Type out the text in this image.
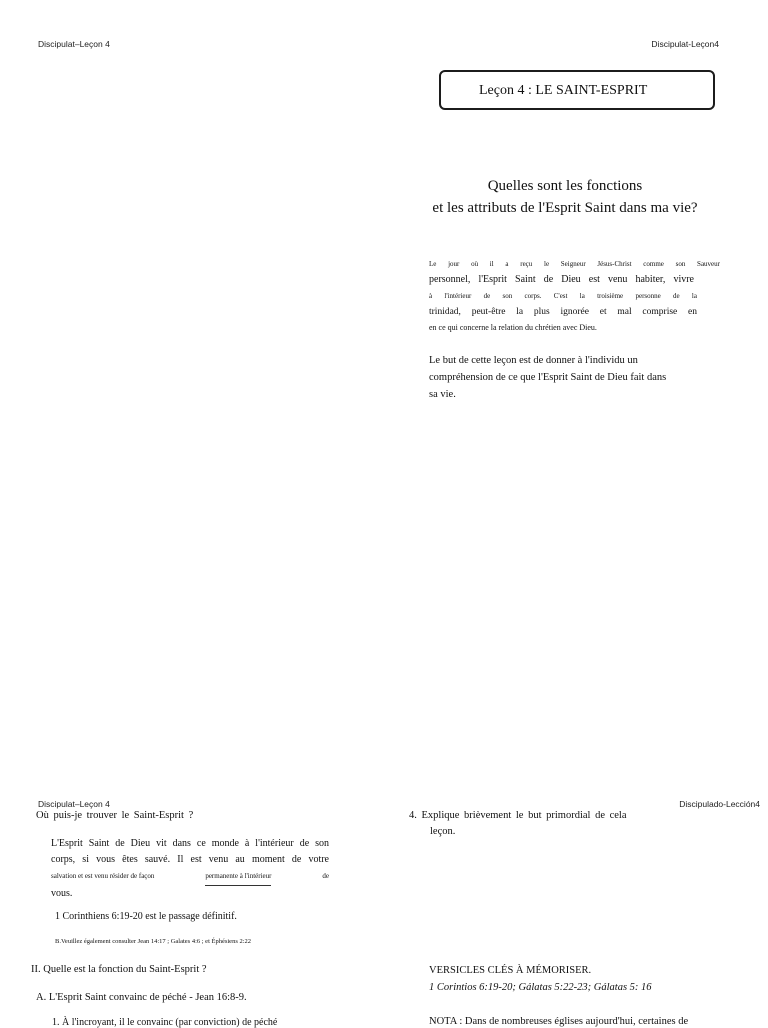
Discipulat–Leçon 4	Discipulat-Leçon4
Leçon 4 : LE SAINT-ESPRIT
Quelles sont les fonctions
et les attributs de l'Esprit Saint dans ma vie?
Le jour où il a reçu le Seigneur Jésus-Christ comme son Sauveur
personnel, l'Esprit Saint de Dieu est venu habiter, vivre
à l'intérieur de son corps. C'est la troisième personne de la
trinidad, peut-être la plus ignorée et mal comprise en
en ce qui concerne la relation du chrétien avec Dieu.
Le but de cette leçon est de donner à l'individu un
compréhension de ce que l'Esprit Saint de Dieu fait dans
sa vie.
Discipulat–Leçon 4	Discipulado-Lección4
Où puis-je trouver le Saint-Esprit ?
L'Esprit Saint de Dieu vit dans ce monde à l'intérieur de son
corps, si vous êtes sauvé. Il est venu au moment de votre
salvation et est venu résider de façon	permanente à l'intérieur	de
vous.
1 Corinthiens 6:19-20 est le passage définitif.
B.Veuillez également consulter Jean 14:17 ; Galates 4:6 ; et Éphésiens 2:22
II. Quelle est la fonction du Saint-Esprit ?
A. L'Esprit Saint convainc de péché - Jean 16:8-9.
1. À l'incroyant, il le convainc (par conviction) de péché
4. Explique brièvement le but primordial de cela
leçon.
VERSICLES CLÉS À MÉMORISER.
1 Corintios 6:19-20; Gálatas 5:22-23; Gálatas 5: 16
NOTA : Dans de nombreuses églises aujourd'hui, certaines de
